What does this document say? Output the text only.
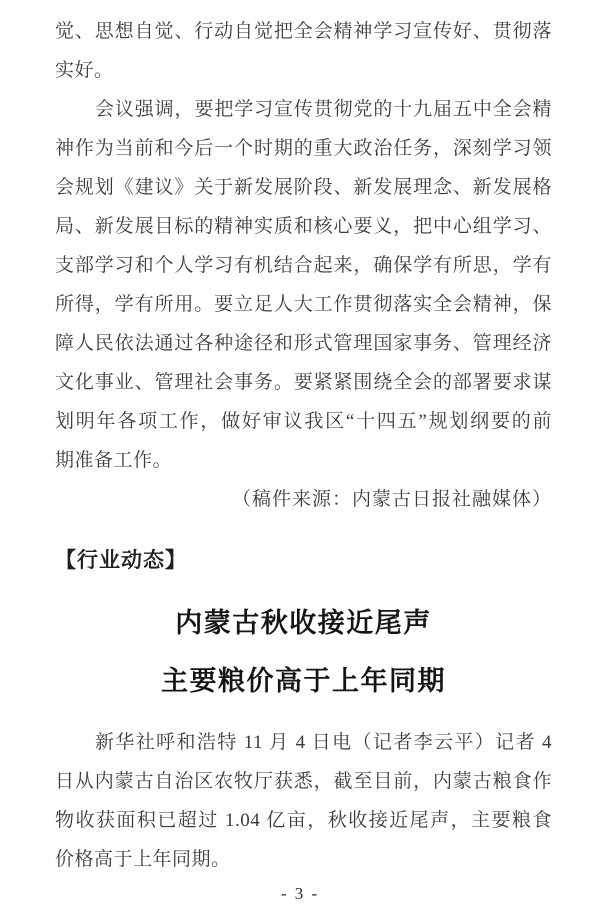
觉、思想自觉、行动自觉把全会精神学习宣传好、贯彻落
实好。
会议强调，要把学习宣传贯彻党的十九届五中全会精
神作为当前和今后一个时期的重大政治任务，深刻学习领
会规划《建议》关于新发展阶段、新发展理念、新发展格
局、新发展目标的精神实质和核心要义，把中心组学习、
支部学习和个人学习有机结合起来，确保学有所思，学有
所得，学有所用。要立足人大工作贯彻落实全会精神，保
障人民依法通过各种途径和形式管理国家事务、管理经济
文化事业、管理社会事务。要紧紧围绕全会的部署要求谋
划明年各项工作，做好审议我区“十四五”规划纲要的前
期准备工作。
（稿件来源：内蒙古日报社融媒体）
【行业动态】
内蒙古秋收接近尾声
主要粮价高于上年同期
新华社呼和浩特 11 月 4 日电（记者李云平）记者 4
日从内蒙古自治区农牧厅获悉，截至目前，内蒙古粮食作
物收获面积已超过 1.04 亿亩，秋收接近尾声，主要粮食
价格高于上年同期。
- 3 -
